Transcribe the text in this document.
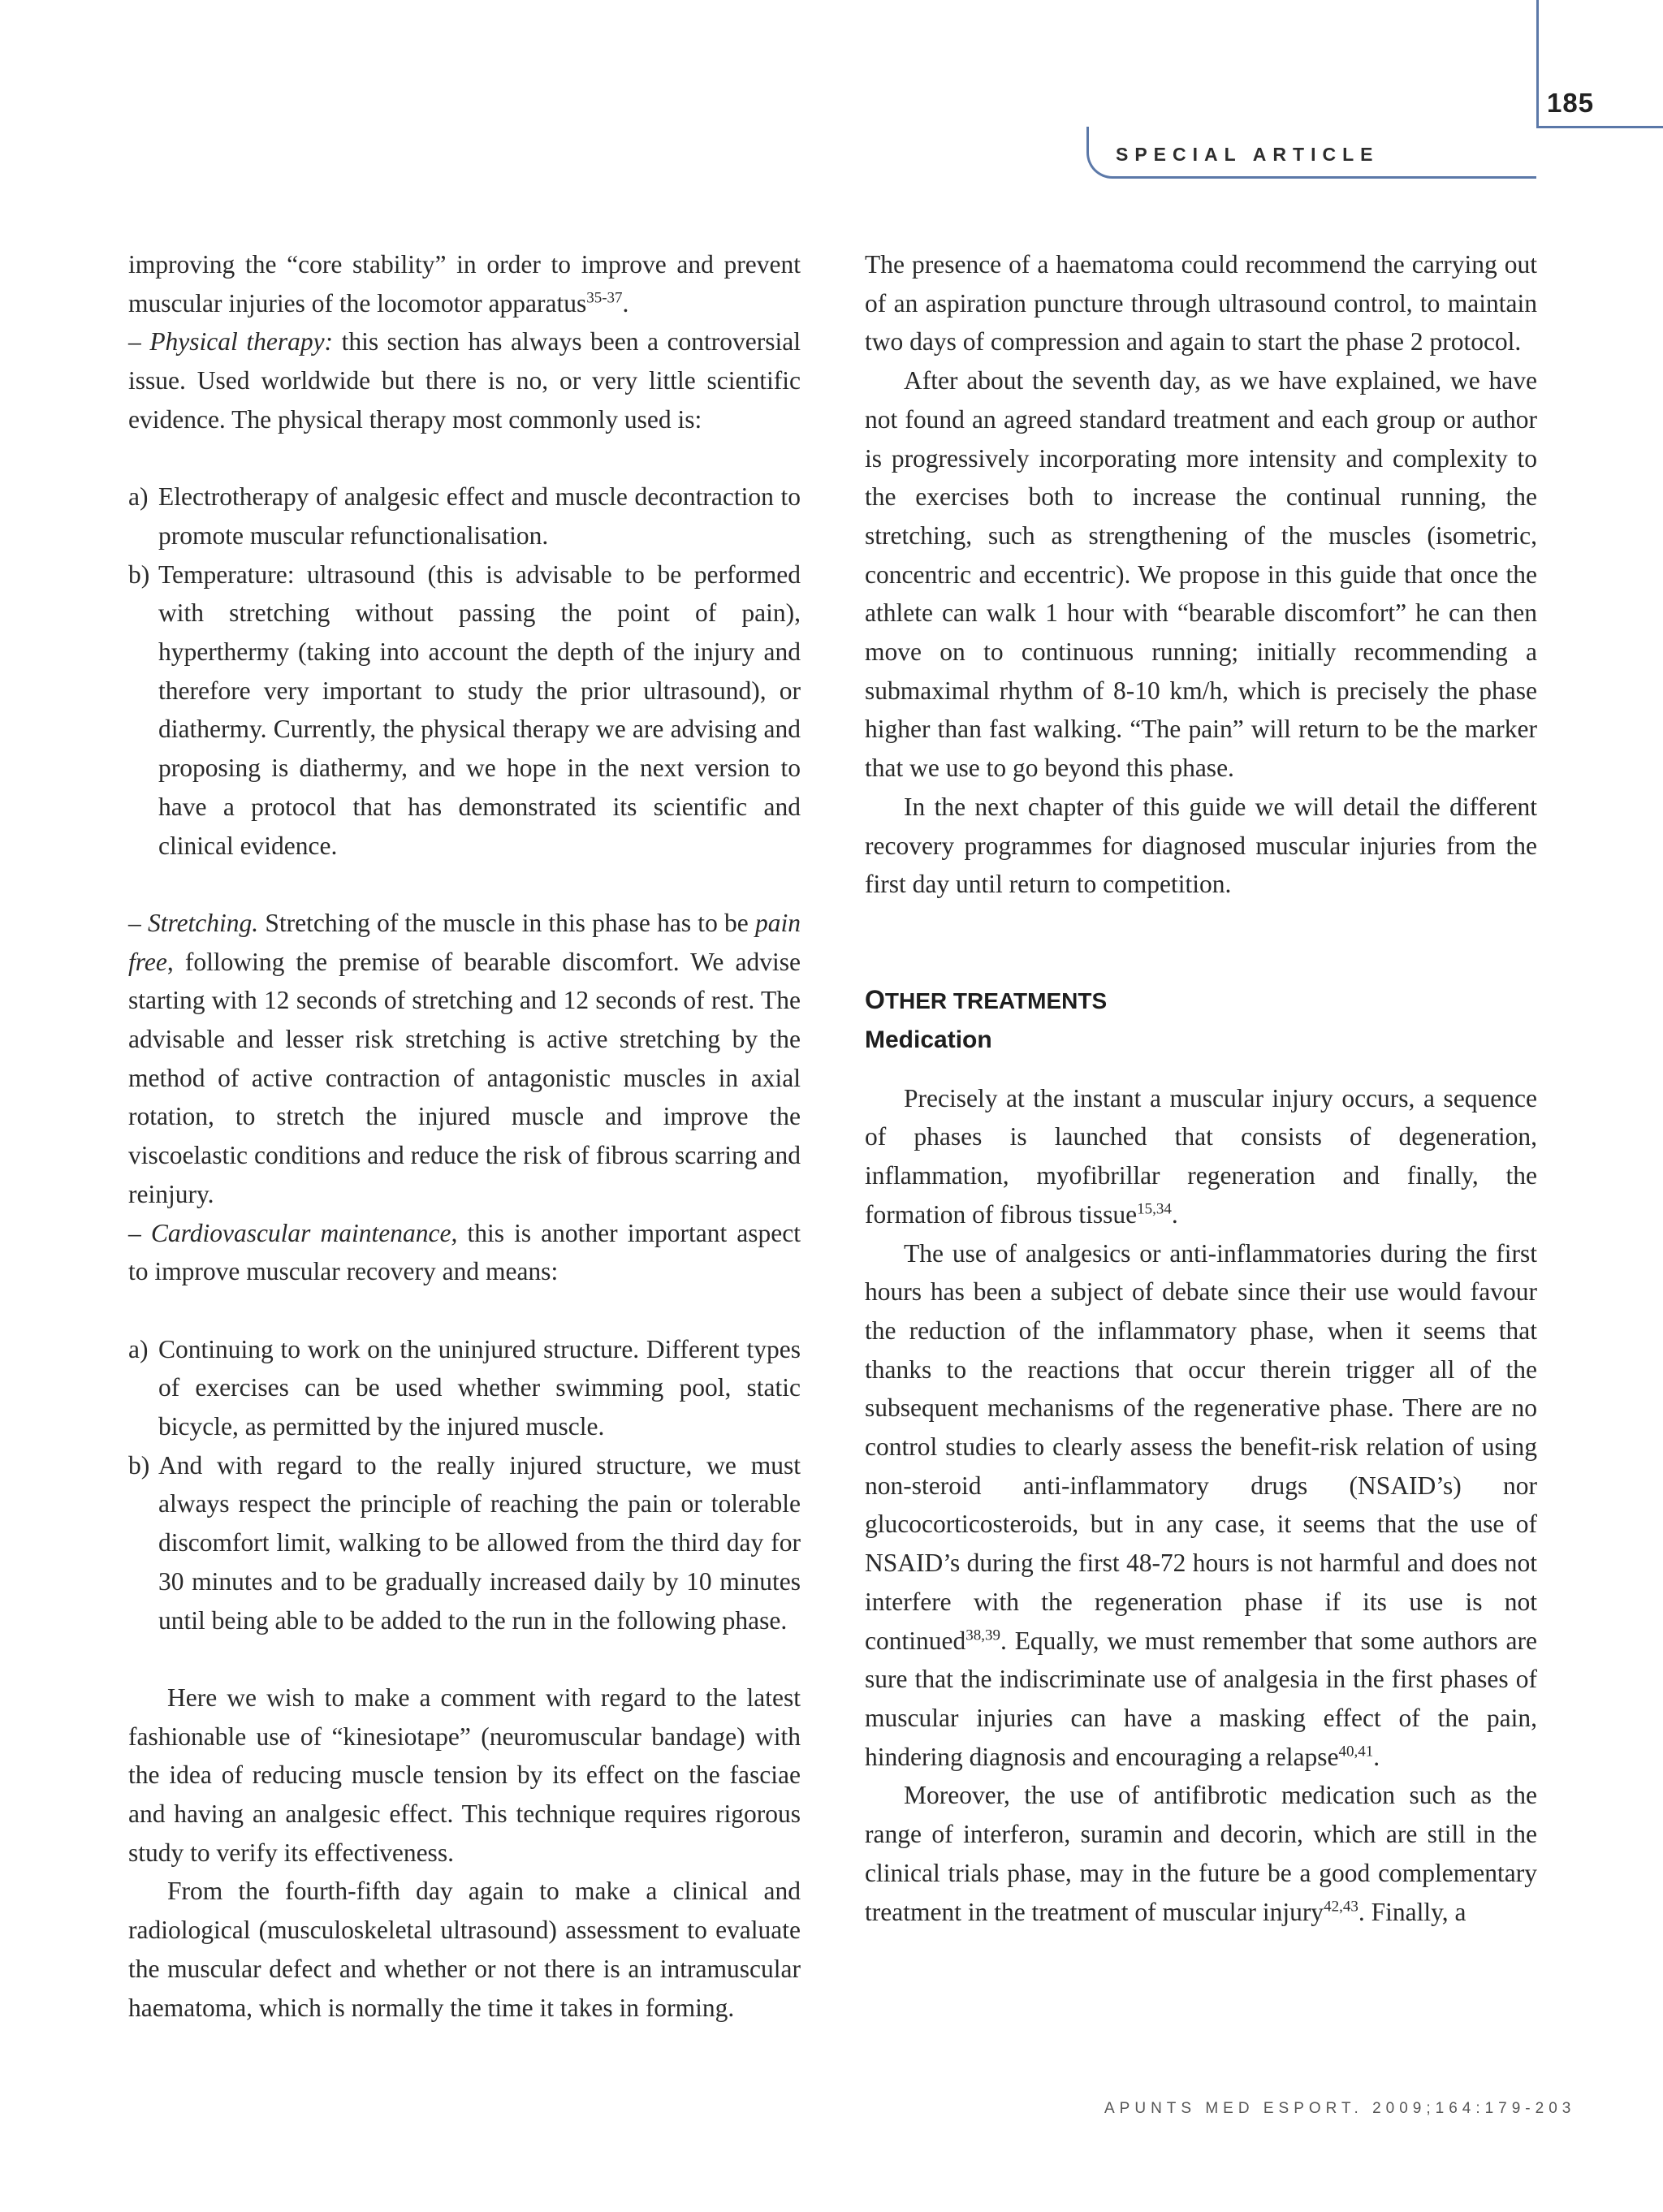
185
SPECIAL ARTICLE

improving the “core stability” in order to improve and prevent muscular injuries of the locomotor apparatus$^{35-37}$.
– Physical therapy: this section has always been a controversial issue. Used worldwide but there is no, or very little scientific evidence. The physical therapy most commonly used is:

a) Electrotherapy of analgesic effect and muscle decontraction to promote muscular refunctionalisation.
b) Temperature: ultrasound (this is advisable to be performed with stretching without passing the point of pain), hyperthermy (taking into account the depth of the injury and therefore very important to study the prior ultrasound), or diathermy. Currently, the physical therapy we are advising and proposing is diathermy, and we hope in the next version to have a protocol that has demonstrated its scientific and clinical evidence.

– Stretching. Stretching of the muscle in this phase has to be pain free, following the premise of bearable discomfort. We advise starting with 12 seconds of stretching and 12 seconds of rest. The advisable and lesser risk stretching is active stretching by the method of active contraction of antagonistic muscles in axial rotation, to stretch the injured muscle and improve the viscoelastic conditions and reduce the risk of fibrous scarring and reinjury.
– Cardiovascular maintenance, this is another important aspect to improve muscular recovery and means:

a) Continuing to work on the uninjured structure. Different types of exercises can be used whether swimming pool, static bicycle, as permitted by the injured muscle.
b) And with regard to the really injured structure, we must always respect the principle of reaching the pain or tolerable discomfort limit, walking to be allowed from the third day for 30 minutes and to be gradually increased daily by 10 minutes until being able to be added to the run in the following phase.

Here we wish to make a comment with regard to the latest fashionable use of “kinesiotape” (neuromuscular bandage) with the idea of reducing muscle tension by its effect on the fasciae and having an analgesic effect. This technique requires rigorous study to verify its effectiveness.

From the fourth-fifth day again to make a clinical and radiological (musculoskeletal ultrasound) assessment to evaluate the muscular defect and whether or not there is an intramuscular haematoma, which is normally the time it takes in forming.

The presence of a haematoma could recommend the carrying out of an aspiration puncture through ultrasound control, to maintain two days of compression and again to start the phase 2 protocol.

After about the seventh day, as we have explained, we have not found an agreed standard treatment and each group or author is progressively incorporating more intensity and complexity to the exercises both to increase the continual running, the stretching, such as strengthening of the muscles (isometric, concentric and eccentric). We propose in this guide that once the athlete can walk 1 hour with “bearable discomfort” he can then move on to continuous running; initially recommending a submaximal rhythm of 8-10 km/h, which is precisely the phase higher than fast walking. “The pain” will return to be the marker that we use to go beyond this phase.

In the next chapter of this guide we will detail the different recovery programmes for diagnosed muscular injuries from the first day until return to competition.

OTHER TREATMENTS
Medication

Precisely at the instant a muscular injury occurs, a sequence of phases is launched that consists of degeneration, inflammation, myofibrillar regeneration and finally, the formation of fibrous tissue$^{15,34}$.

The use of analgesics or anti-inflammatories during the first hours has been a subject of debate since their use would favour the reduction of the inflammatory phase, when it seems that thanks to the reactions that occur therein trigger all of the subsequent mechanisms of the regenerative phase. There are no control studies to clearly assess the benefit-risk relation of using non-steroid anti-inflammatory drugs (NSAID’s) nor glucocorticosteroids, but in any case, it seems that the use of NSAID’s during the first 48-72 hours is not harmful and does not interfere with the regeneration phase if its use is not continued$^{38,39}$. Equally, we must remember that some authors are sure that the indiscriminate use of analgesia in the first phases of muscular injuries can have a masking effect of the pain, hindering diagnosis and encouraging a relapse$^{40,41}$.

Moreover, the use of antifibrotic medication such as the range of interferon, suramin and decorin, which are still in the clinical trials phase, may in the future be a good complementary treatment in the treatment of muscular injury$^{42,43}$. Finally, a

APUNTS MED ESPORT. 2009;164:179-203
